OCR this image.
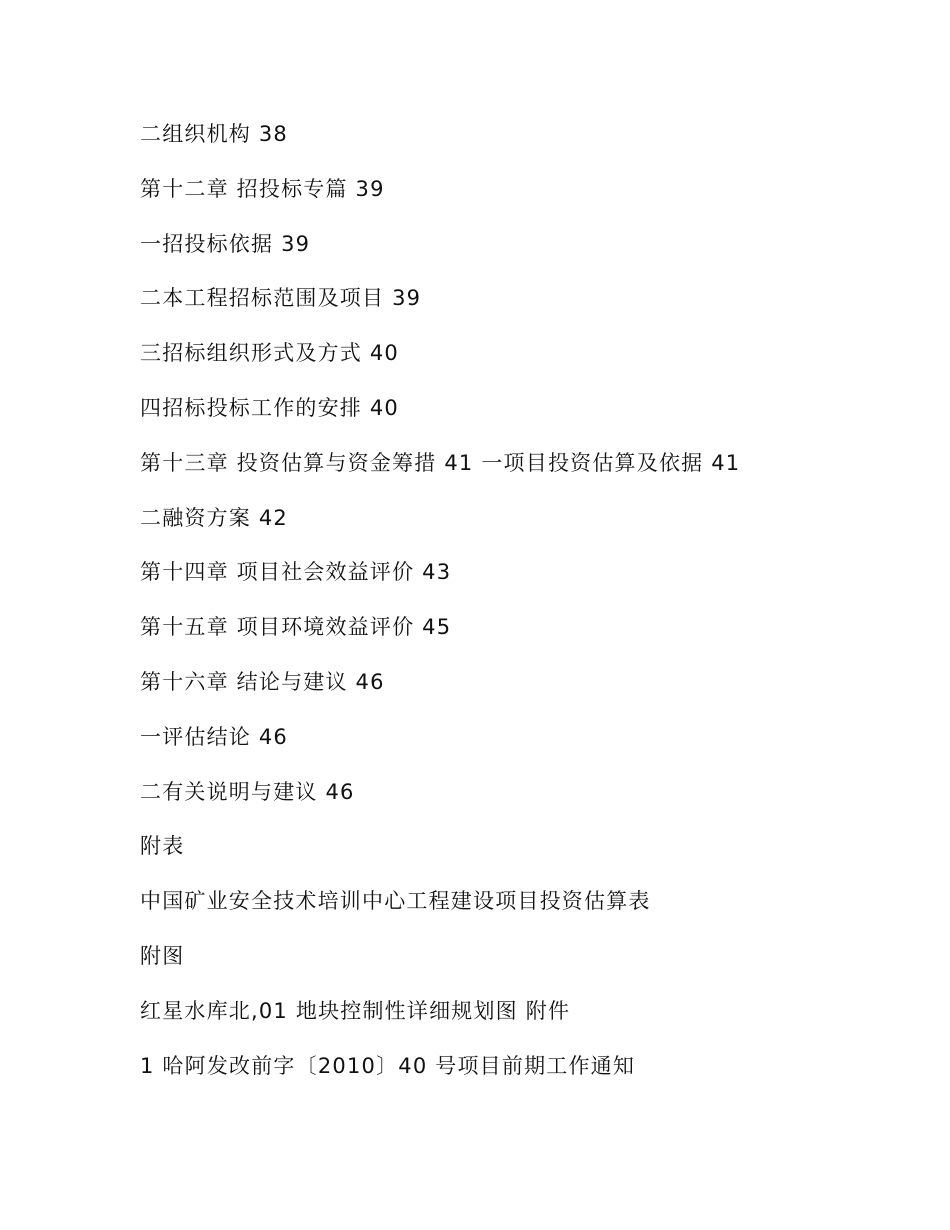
二组织机构 38
第十二章 招投标专篇 39
一招投标依据 39
二本工程招标范围及项目 39
三招标组织形式及方式 40
四招标投标工作的安排 40
第十三章 投资估算与资金筹措 41 一项目投资估算及依据 41
二融资方案 42
第十四章 项目社会效益评价 43
第十五章 项目环境效益评价 45
第十六章 结论与建议 46
一评估结论 46
二有关说明与建议 46
附表
中国矿业安全技术培训中心工程建设项目投资估算表
附图
红星水库北,01 地块控制性详细规划图 附件
1 哈阿发改前字〔2010〕40 号项目前期工作通知
